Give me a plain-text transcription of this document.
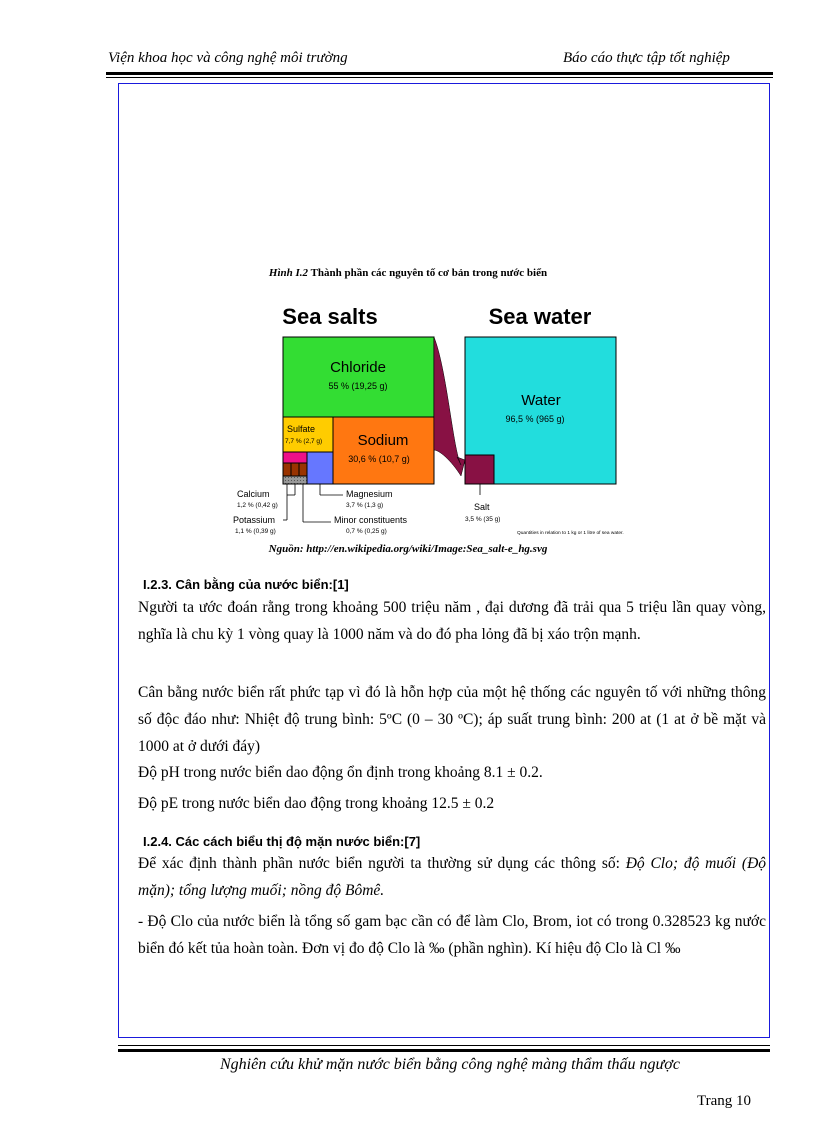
Viện khoa học và công nghệ môi trường	Báo cáo thực tập tốt nghiệp
Hình I.2 Thành phần các nguyên tố cơ bản trong nước biển
Sea salts	Sea water
Chloride
55 % (19,25 g)
Sulfate
7,7 % (2,7 g) Sodium
30,6 % (10,7 g)
Water
96,5 % (965 g)
Calcium
1,2 % (0,42 g)
Potassium
1,1 % (0,39 g)
Magnesium
3,7 % (1,3 g)
Minor constituents
0,7 % (0,25 g)
Salt
3,5 % (35 g)
Quantities in relation to 1 kg or 1 litre of sea water.
Nguồn: http://en.wikipedia.org/wiki/Image:Sea_salt-e_hg.svg
I.2.3. Cân bằng của nước biển:[1]
Người ta ước đoán rằng trong khoảng 500 triệu năm , đại dương đã trải qua 5 triệu lần quay vòng, nghĩa là chu kỳ 1 vòng quay là 1000 năm và do đó pha lỏng đã bị xáo trộn mạnh.
Cân bằng nước biển rất phức tạp vì đó là hỗn hợp của một hệ thống các nguyên tố với những thông số độc đáo như: Nhiệt độ trung bình: 5ºC (0 – 30 ºC); áp suất trung bình: 200 at (1 at ở bề mặt và 1000 at ở dưới đáy)
Độ pH trong nước biển dao động ổn định trong khoảng 8.1 ± 0.2.
Độ pE trong nước biển dao động trong khoảng 12.5 ± 0.2
I.2.4. Các cách biểu thị độ mặn nước biển:[7]
Để xác định thành phần nước biển người ta thường sử dụng các thông số: Độ Clo; độ muối (Độ mặn); tổng lượng muối; nồng độ Bômê.
- Độ Clo của nước biển là tổng số gam bạc cần có để làm Clo, Brom, iot có trong 0.328523 kg nước biển đó kết tủa hoàn toàn. Đơn vị đo độ Clo là ‰ (phần nghìn). Kí hiệu độ Clo là Cl ‰
Nghiên cứu khử mặn nước biển bằng công nghệ màng thẩm thấu ngược
Trang 10
